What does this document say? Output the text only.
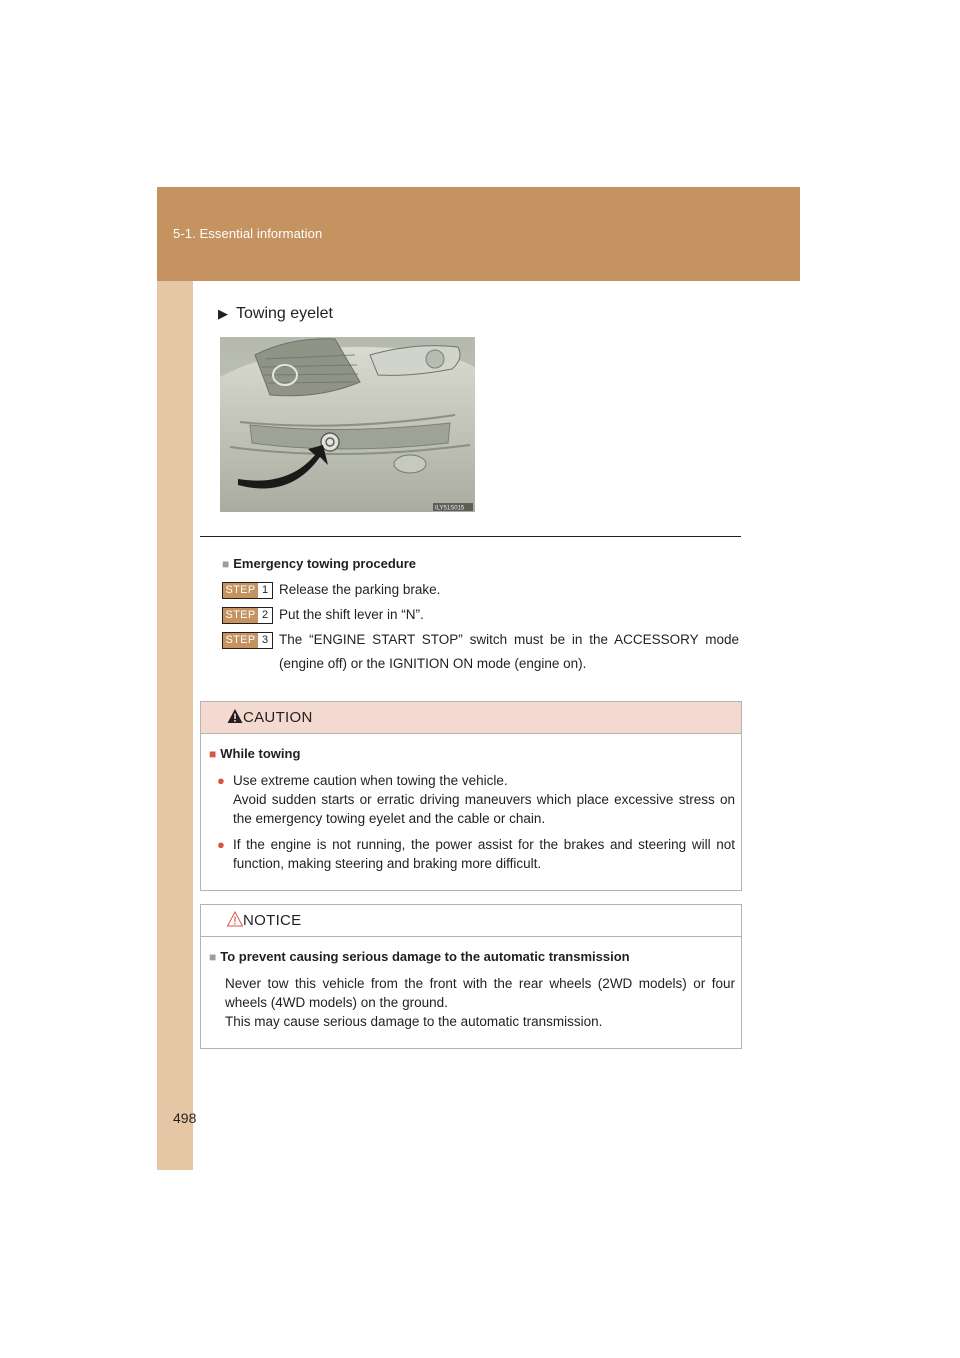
5-1. Essential information
▶ Towing eyelet
ILY51S015
■ Emergency towing procedure
STEP 1 Release the parking brake.
STEP 2 Put the shift lever in “N”.
STEP 3 The “ENGINE START STOP” switch must be in the ACCESSORY mode (engine off) or the IGNITION ON mode (engine on).
CAUTION
■ While towing
● Use extreme caution when towing the vehicle.
Avoid sudden starts or erratic driving maneuvers which place excessive stress on the emergency towing eyelet and the cable or chain.
● If the engine is not running, the power assist for the brakes and steering will not function, making steering and braking more difficult.
NOTICE
■ To prevent causing serious damage to the automatic transmission
Never tow this vehicle from the front with the rear wheels (2WD models) or four wheels (4WD models) on the ground.
This may cause serious damage to the automatic transmission.
498
